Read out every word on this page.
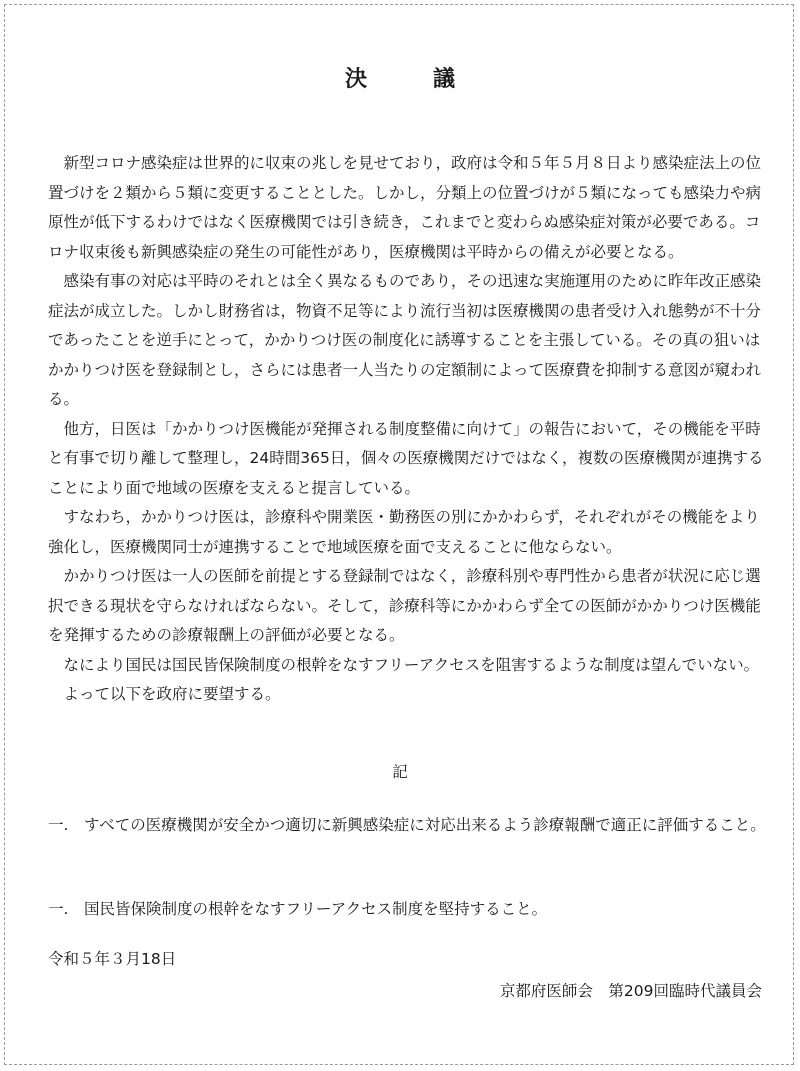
決　議

新型コロナ感染症は世界的に収束の兆しを見せており，政府は令和５年５月８日より感染症法上の位置づけを２類から５類に変更することとした。しかし，分類上の位置づけが５類になっても感染力や病原性が低下するわけではなく医療機関では引き続き，これまでと変わらぬ感染症対策が必要である。コロナ収束後も新興感染症の発生の可能性があり，医療機関は平時からの備えが必要となる。

感染有事の対応は平時のそれとは全く異なるものであり，その迅速な実施運用のために昨年改正感染症法が成立した。しかし財務省は，物資不足等により流行当初は医療機関の患者受け入れ態勢が不十分であったことを逆手にとって，かかりつけ医の制度化に誘導することを主張している。その真の狙いはかかりつけ医を登録制とし，さらには患者一人当たりの定額制によって医療費を抑制する意図が窺われる。

他方，日医は「かかりつけ医機能が発揮される制度整備に向けて」の報告において，その機能を平時と有事で切り離して整理し，24時間365日，個々の医療機関だけではなく，複数の医療機関が連携することにより面で地域の医療を支えると提言している。

すなわち，かかりつけ医は，診療科や開業医・勤務医の別にかかわらず，それぞれがその機能をより強化し，医療機関同士が連携することで地域医療を面で支えることに他ならない。

かかりつけ医は一人の医師を前提とする登録制ではなく，診療科別や専門性から患者が状況に応じ選択できる現状を守らなければならない。そして，診療科等にかかわらず全ての医師がかかりつけ医機能を発揮するための診療報酬上の評価が必要となる。

なにより国民は国民皆保険制度の根幹をなすフリーアクセスを阻害するような制度は望んでいない。

よって以下を政府に要望する。

記
一. すべての医療機関が安全かつ適切に新興感染症に対応出来るよう診療報酬で適正に評価すること。
一. 国民皆保険制度の根幹をなすフリーアクセス制度を堅持すること。
令和５年３月18日
京都府医師会　第209回臨時代議員会
